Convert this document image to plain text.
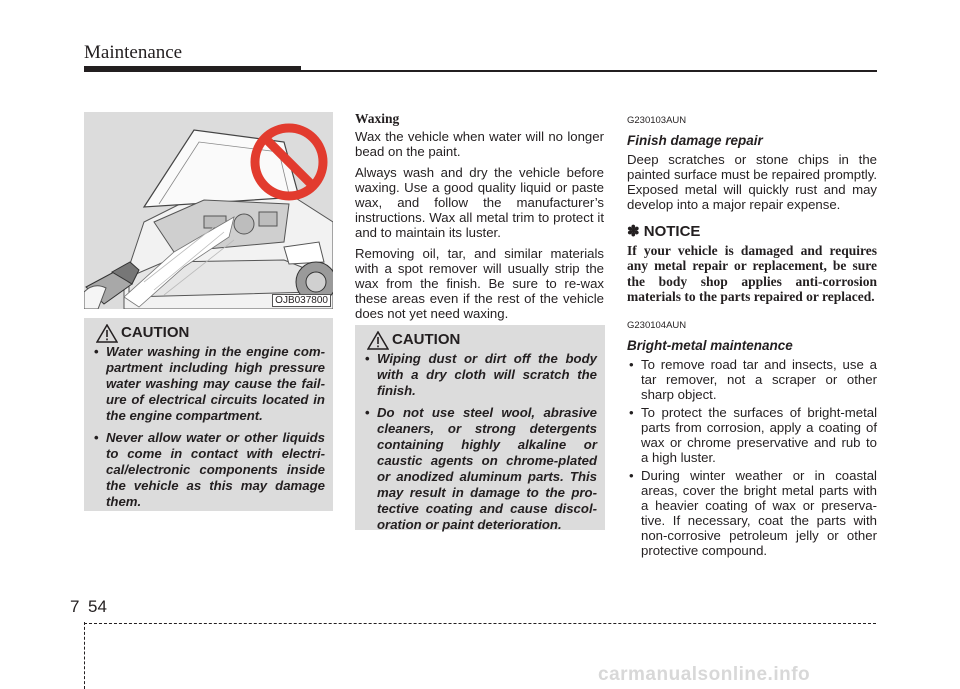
Maintenance
OJB037800
CAUTION
• Water washing in the engine com-partment including high pressure water washing may cause the fail-ure of electrical circuits located in the engine compartment.
• Never allow water or other liquids to come in contact with electri-cal/electronic components inside the vehicle as this may damage them.
Waxing

Wax the vehicle when water will no longer bead on the paint.

Always wash and dry the vehicle before waxing. Use a good quality liquid or paste wax, and follow the manufacturer’s instructions. Wax all metal trim to protect it and to maintain its luster.

Removing oil, tar, and similar materials with a spot remover will usually strip the wax from the finish. Be sure to re-wax these areas even if the rest of the vehicle does not yet need waxing.

CAUTION
• Wiping dust or dirt off the body with a dry cloth will scratch the finish.
• Do not use steel wool, abrasive cleaners, or strong detergents containing highly alkaline or caustic agents on chrome-plated or anodized aluminum parts. This may result in damage to the pro-tective coating and cause discol-oration or paint deterioration.
G230103AUN
Finish damage repair

Deep scratches or stone chips in the painted surface must be repaired promptly. Exposed metal will quickly rust and may develop into a major repair expense.

✽ NOTICE
If your vehicle is damaged and requires any metal repair or replacement, be sure the body shop applies anti-corrosion materials to the parts repaired or replaced.
G230104AUN
Bright-metal maintenance
• To remove road tar and insects, use a tar remover, not a scraper or other sharp object.
• To protect the surfaces of bright-metal parts from corrosion, apply a coating of wax or chrome preservative and rub to a high luster.
• During winter weather or in coastal areas, cover the bright metal parts with a heavier coating of wax or preserva-tive. If necessary, coat the parts with non-corrosive petroleum jelly or other protective compound.
7 54
carmanualsonline.info
